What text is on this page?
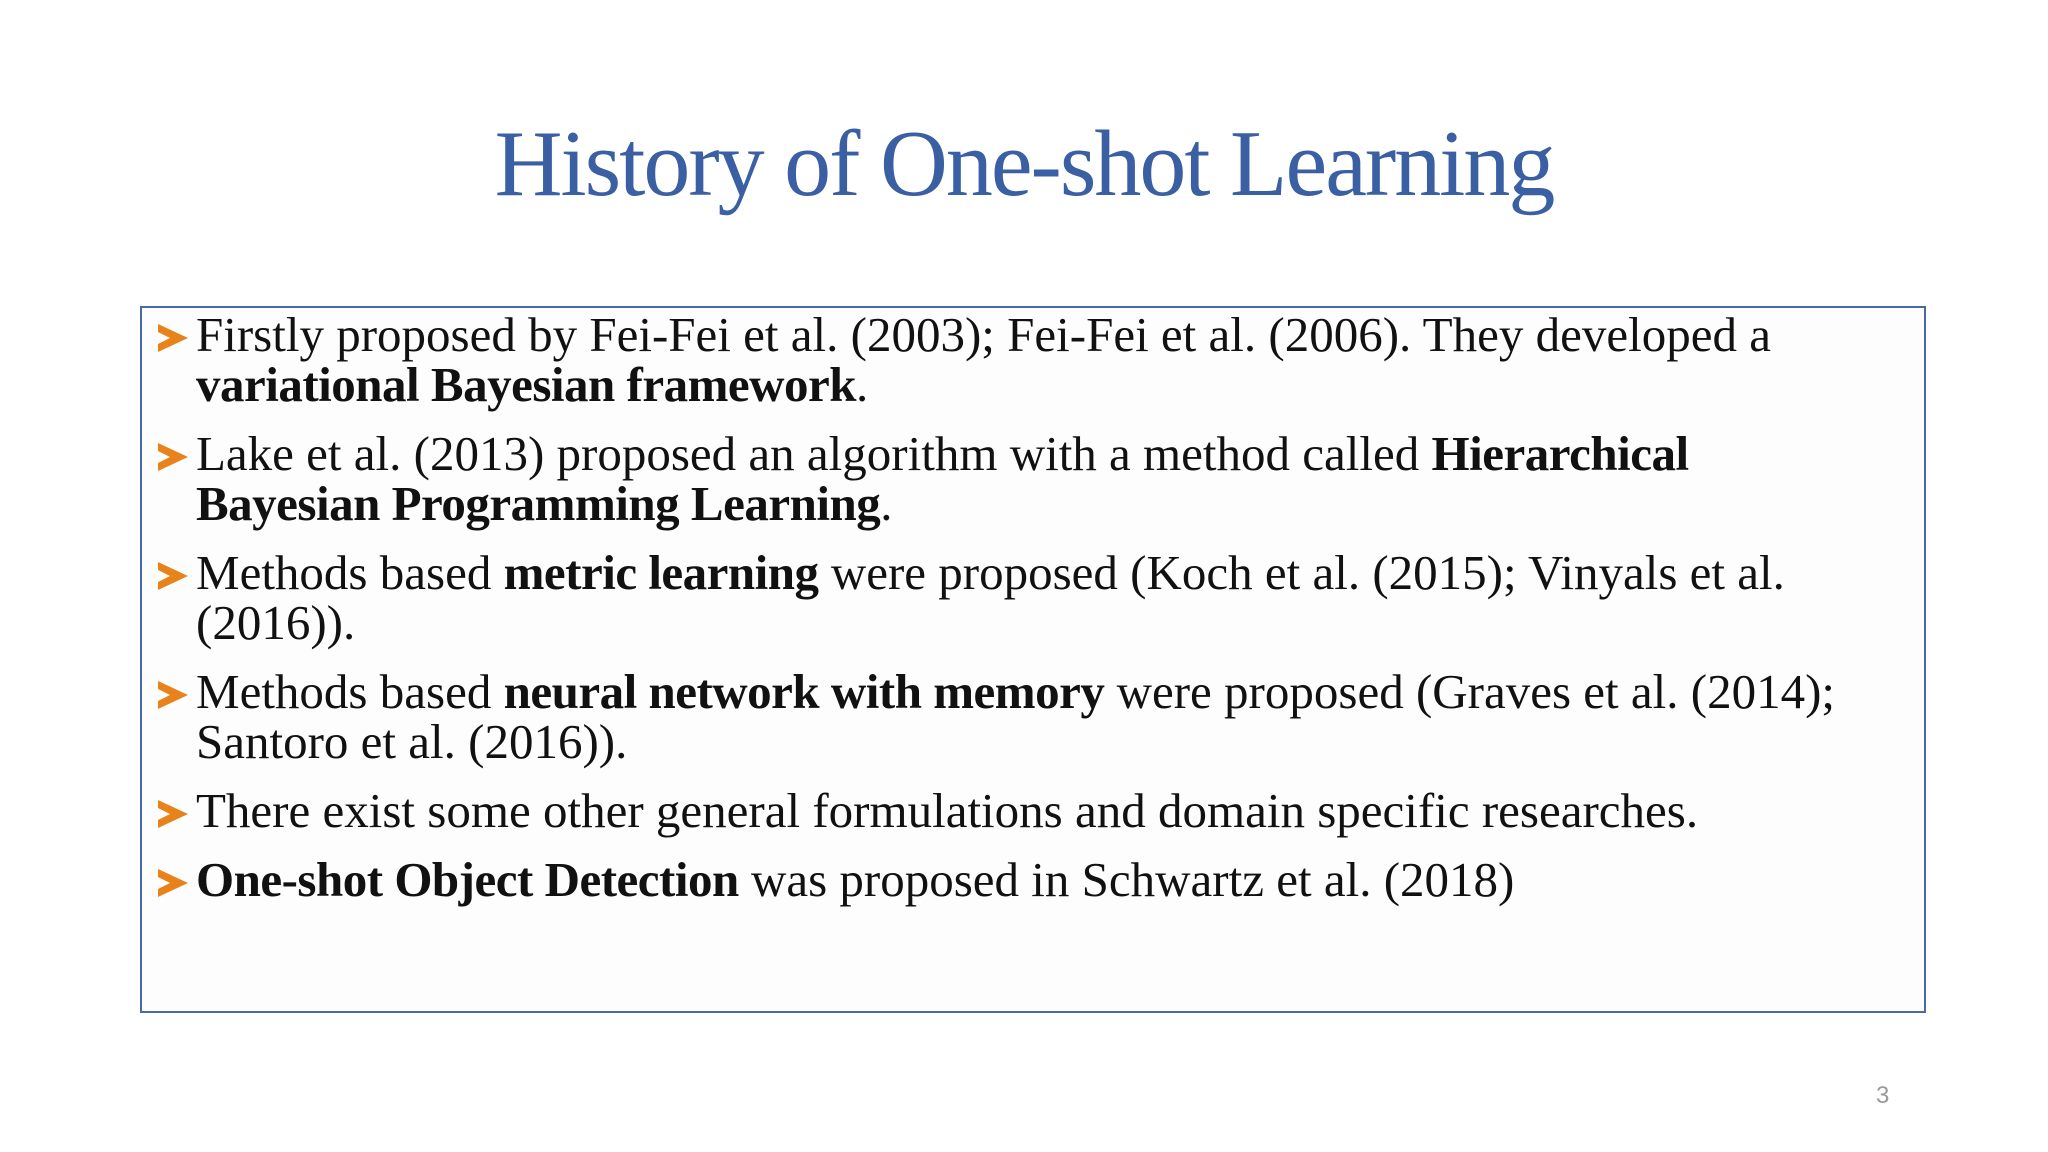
History of One-shot Learning
Firstly proposed by Fei-Fei et al. (2003); Fei-Fei et al. (2006). They developed a
variational Bayesian framework.
Lake et al. (2013) proposed an algorithm with a method called Hierarchical
Bayesian Programming Learning.
Methods based metric learning were proposed (Koch et al. (2015); Vinyals et al.
(2016)).
Methods based neural network with memory were proposed (Graves et al. (2014);
Santoro et al. (2016)).
There exist some other general formulations and domain specific researches.
One-shot Object Detection was proposed in Schwartz et al. (2018)
3
